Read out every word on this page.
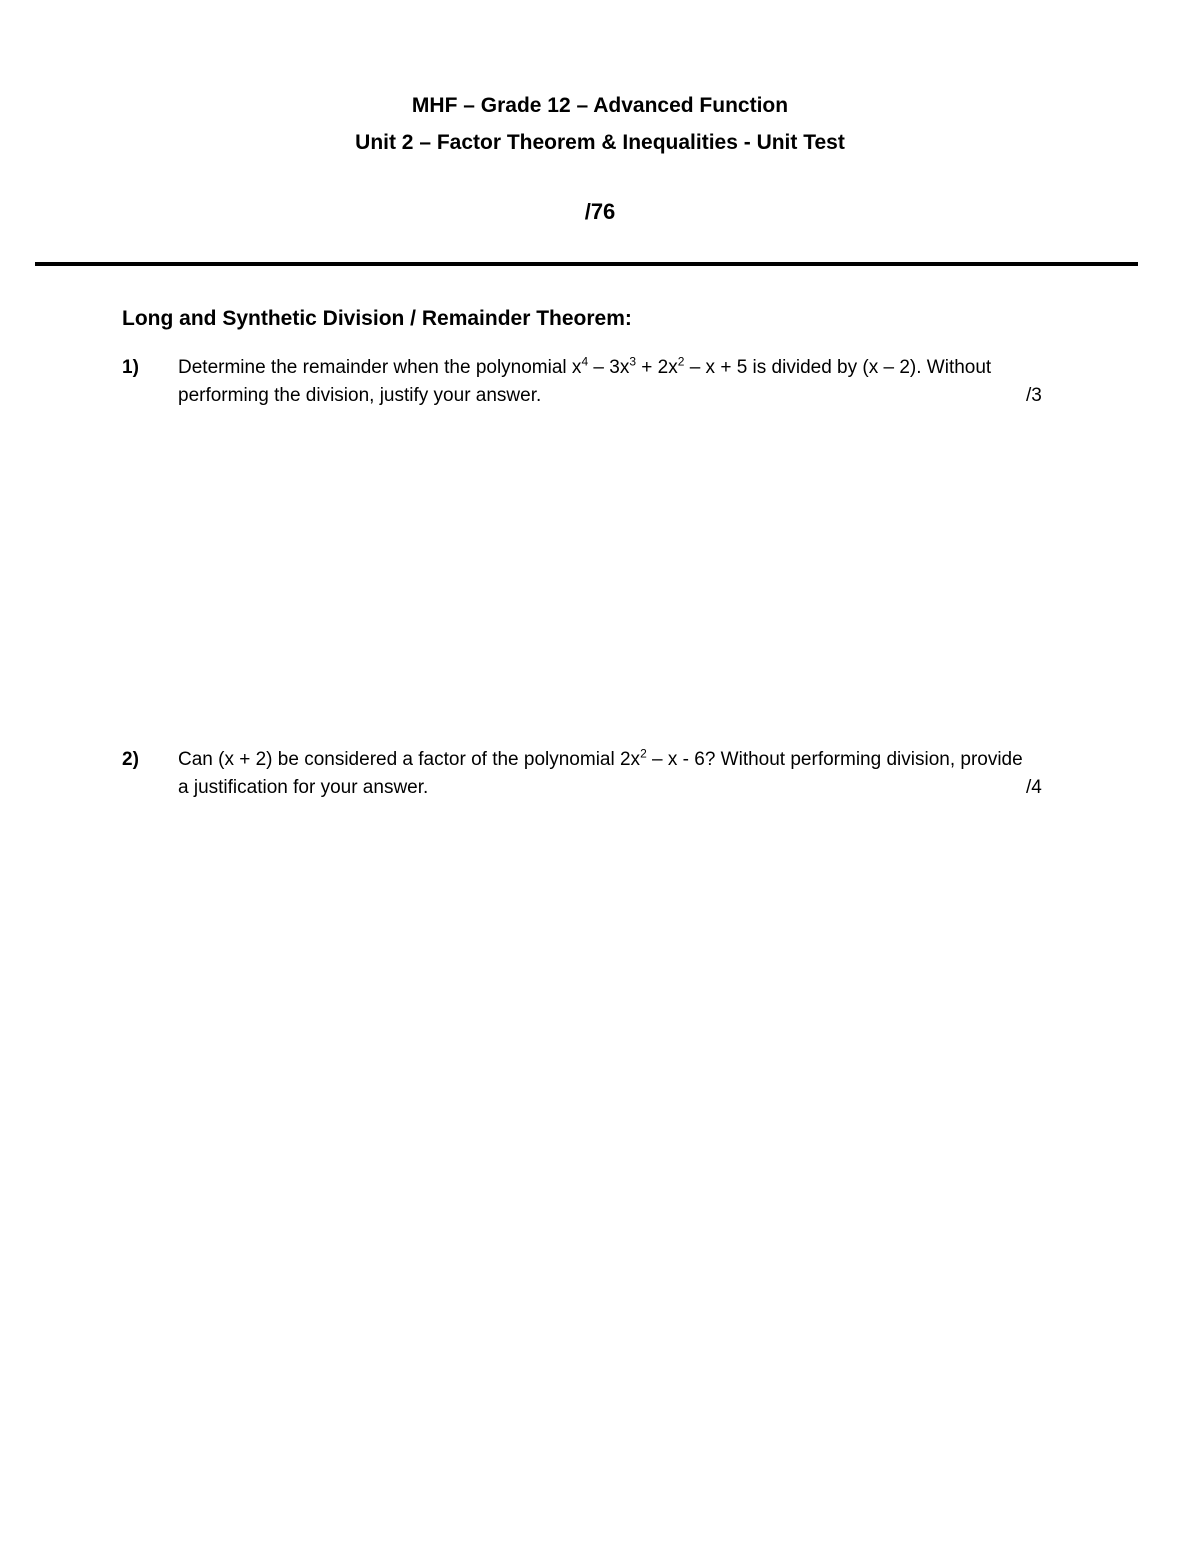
MHF – Grade 12 – Advanced Function
Unit 2 – Factor Theorem & Inequalities - Unit Test
/76
Long and Synthetic Division / Remainder Theorem:
1) Determine the remainder when the polynomial $x^4 - 3x^3 + 2x^2 - x + 5$ is divided by (x – 2). Without
performing the division, justify your answer.	/3
2) Can (x + 2) be considered a factor of the polynomial $2x^2$ – x - 6? Without performing division, provide
a justification for your answer.	/4
